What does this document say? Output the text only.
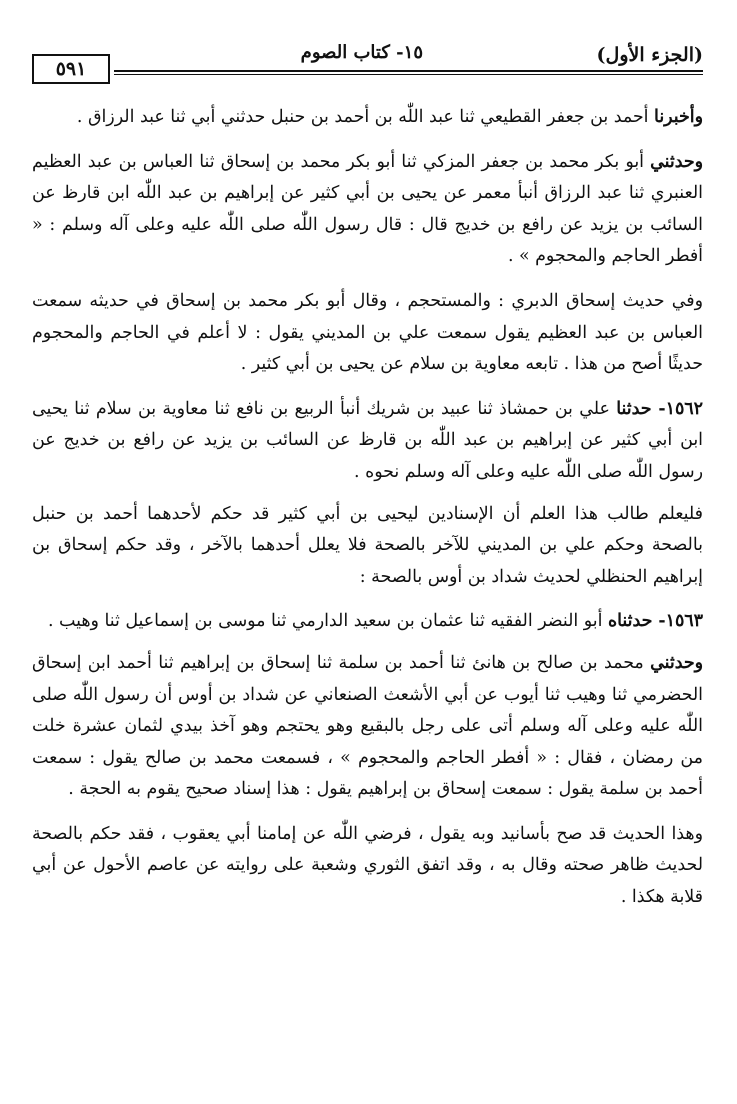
(الجزء الأول)
١٥- كتاب الصوم
٥٩١

وأخبرنا أحمد بن جعفر القطيعي ثنا عبد اللّٰه بن أحمد بن حنبل حدثني أبي ثنا عبد الرزاق .

وحدثني أبو بكر محمد بن جعفر المزكي ثنا أبو بكر محمد بن إسحاق ثنا العباس بن عبد العظيم العنبري ثنا عبد الرزاق أنبأ معمر عن يحيى بن أبي كثير عن إبراهيم بن عبد اللّٰه ابن قارظ عن السائب بن يزيد عن رافع بن خديج قال : قال رسول اللّٰه صلى اللّٰه عليه وعلى آله وسلم : « أفطر الحاجم والمحجوم » .

وفي حديث إسحاق الدبري : والمستحجم ، وقال أبو بكر محمد بن إسحاق في حديثه سمعت العباس بن عبد العظيم يقول سمعت علي بن المديني يقول : لا أعلم في الحاجم والمحجوم حديثًا أصح من هذا . تابعه معاوية بن سلام عن يحيى بن أبي كثير .

١٥٦٢- حدثنا علي بن حمشاذ ثنا عبيد بن شريك أنبأ الربيع بن نافع ثنا معاوية بن سلام ثنا يحيى ابن أبي كثير عن إبراهيم بن عبد اللّٰه بن قارظ عن السائب بن يزيد عن رافع بن خديج عن رسول اللّٰه صلى اللّٰه عليه وعلى آله وسلم نحوه .

فليعلم طالب هذا العلم أن الإسنادين ليحيى بن أبي كثير قد حكم لأحدهما أحمد بن حنبل بالصحة وحكم علي بن المديني للآخر بالصحة فلا يعلل أحدهما بالآخر ، وقد حكم إسحاق بن إبراهيم الحنظلي لحديث شداد بن أوس بالصحة :

١٥٦٣- حدثناه أبو النضر الفقيه ثنا عثمان بن سعيد الدارمي ثنا موسى بن إسماعيل ثنا وهيب .

وحدثني محمد بن صالح بن هانئ ثنا أحمد بن سلمة ثنا إسحاق بن إبراهيم ثنا أحمد ابن إسحاق الحضرمي ثنا وهيب ثنا أيوب عن أبي الأشعث الصنعاني عن شداد بن أوس أن رسول اللّٰه صلى اللّٰه عليه وعلى آله وسلم أتى على رجل بالبقيع وهو يحتجم وهو آخذ بيدي لثمان عشرة خلت من رمضان ، فقال : « أفطر الحاجم والمحجوم » ، فسمعت محمد بن صالح يقول : سمعت أحمد بن سلمة يقول : سمعت إسحاق بن إبراهيم يقول : هذا إسناد صحيح يقوم به الحجة .

وهذا الحديث قد صح بأسانيد وبه يقول ، فرضي اللّٰه عن إمامنا أبي يعقوب ، فقد حكم بالصحة لحديث ظاهر صحته وقال به ، وقد اتفق الثوري وشعبة على روايته عن عاصم الأحول عن أبي قلابة هكذا .
